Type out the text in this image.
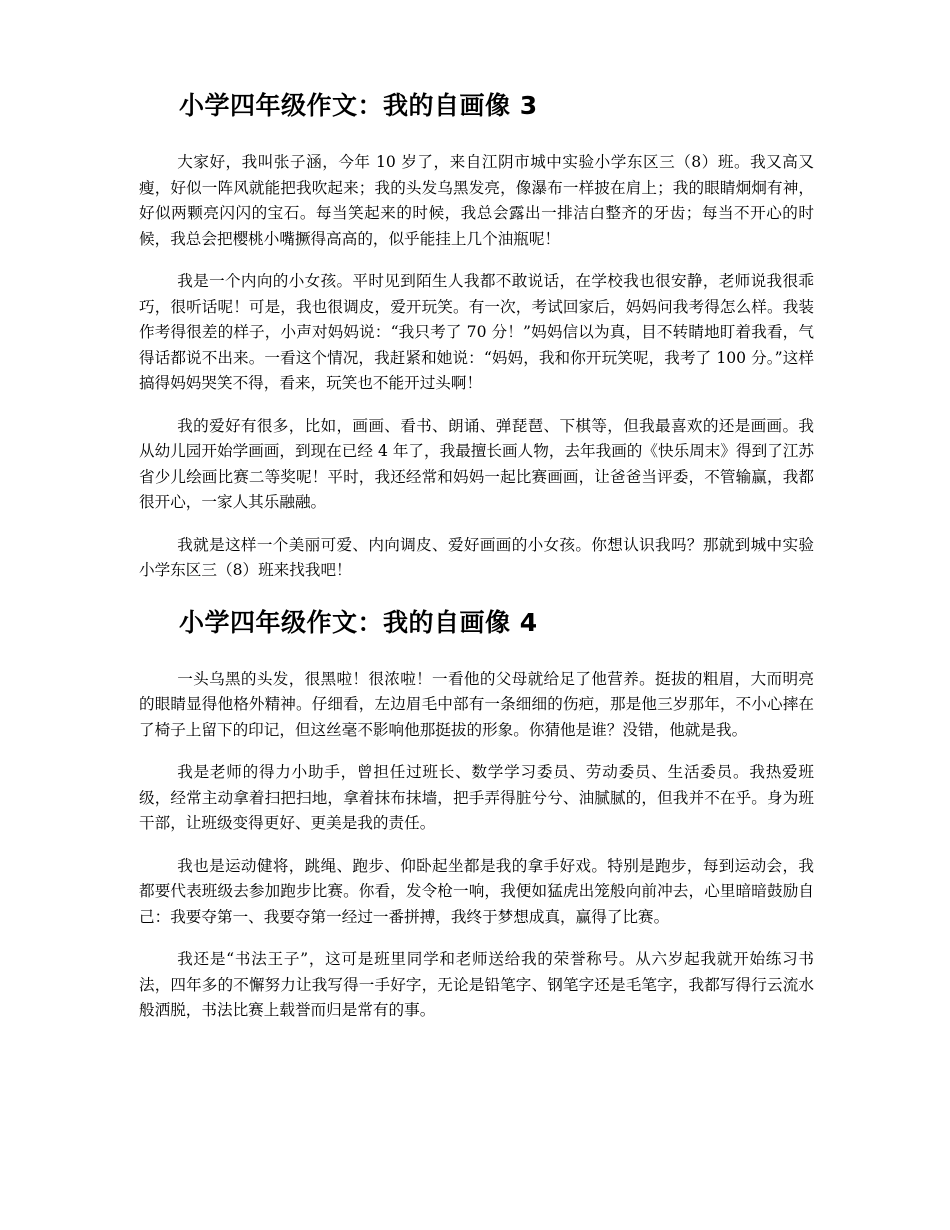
小学四年级作文：我的自画像 3

大家好，我叫张子涵，今年 10 岁了，来自江阴市城中实验小学东区三（8）班。我又高又瘦，好似一阵风就能把我吹起来；我的头发乌黑发亮，像瀑布一样披在肩上；我的眼睛炯炯有神，好似两颗亮闪闪的宝石。每当笑起来的时候，我总会露出一排洁白整齐的牙齿；每当不开心的时候，我总会把樱桃小嘴撅得高高的，似乎能挂上几个油瓶呢！

我是一个内向的小女孩。平时见到陌生人我都不敢说话，在学校我也很安静，老师说我很乖巧，很听话呢！可是，我也很调皮，爱开玩笑。有一次，考试回家后，妈妈问我考得怎么样。我装作考得很差的样子，小声对妈妈说：“我只考了 70 分！”妈妈信以为真，目不转睛地盯着我看，气得话都说不出来。一看这个情况，我赶紧和她说：“妈妈，我和你开玩笑呢，我考了 100 分。”这样搞得妈妈哭笑不得，看来，玩笑也不能开过头啊！

我的爱好有很多，比如，画画、看书、朗诵、弹琵琶、下棋等，但我最喜欢的还是画画。我从幼儿园开始学画画，到现在已经 4 年了，我最擅长画人物，去年我画的《快乐周末》得到了江苏省少儿绘画比赛二等奖呢！平时，我还经常和妈妈一起比赛画画，让爸爸当评委，不管输赢，我都很开心，一家人其乐融融。

我就是这样一个美丽可爱、内向调皮、爱好画画的小女孩。你想认识我吗？那就到城中实验小学东区三（8）班来找我吧！

小学四年级作文：我的自画像 4

一头乌黑的头发，很黑啦！很浓啦！一看他的父母就给足了他营养。挺拔的粗眉，大而明亮的眼睛显得他格外精神。仔细看，左边眉毛中部有一条细细的伤疤，那是他三岁那年，不小心摔在了椅子上留下的印记，但这丝毫不影响他那挺拔的形象。你猜他是谁？没错，他就是我。

我是老师的得力小助手，曾担任过班长、数学学习委员、劳动委员、生活委员。我热爱班级，经常主动拿着扫把扫地，拿着抹布抹墙，把手弄得脏兮兮、油腻腻的，但我并不在乎。身为班干部，让班级变得更好、更美是我的责任。

我也是运动健将，跳绳、跑步、仰卧起坐都是我的拿手好戏。特别是跑步，每到运动会，我都要代表班级去参加跑步比赛。你看，发令枪一响，我便如猛虎出笼般向前冲去，心里暗暗鼓励自己：我要夺第一、我要夺第一经过一番拼搏，我终于梦想成真，赢得了比赛。

我还是“书法王子”，这可是班里同学和老师送给我的荣誉称号。从六岁起我就开始练习书法，四年多的不懈努力让我写得一手好字，无论是铅笔字、钢笔字还是毛笔字，我都写得行云流水般洒脱，书法比赛上载誉而归是常有的事。
